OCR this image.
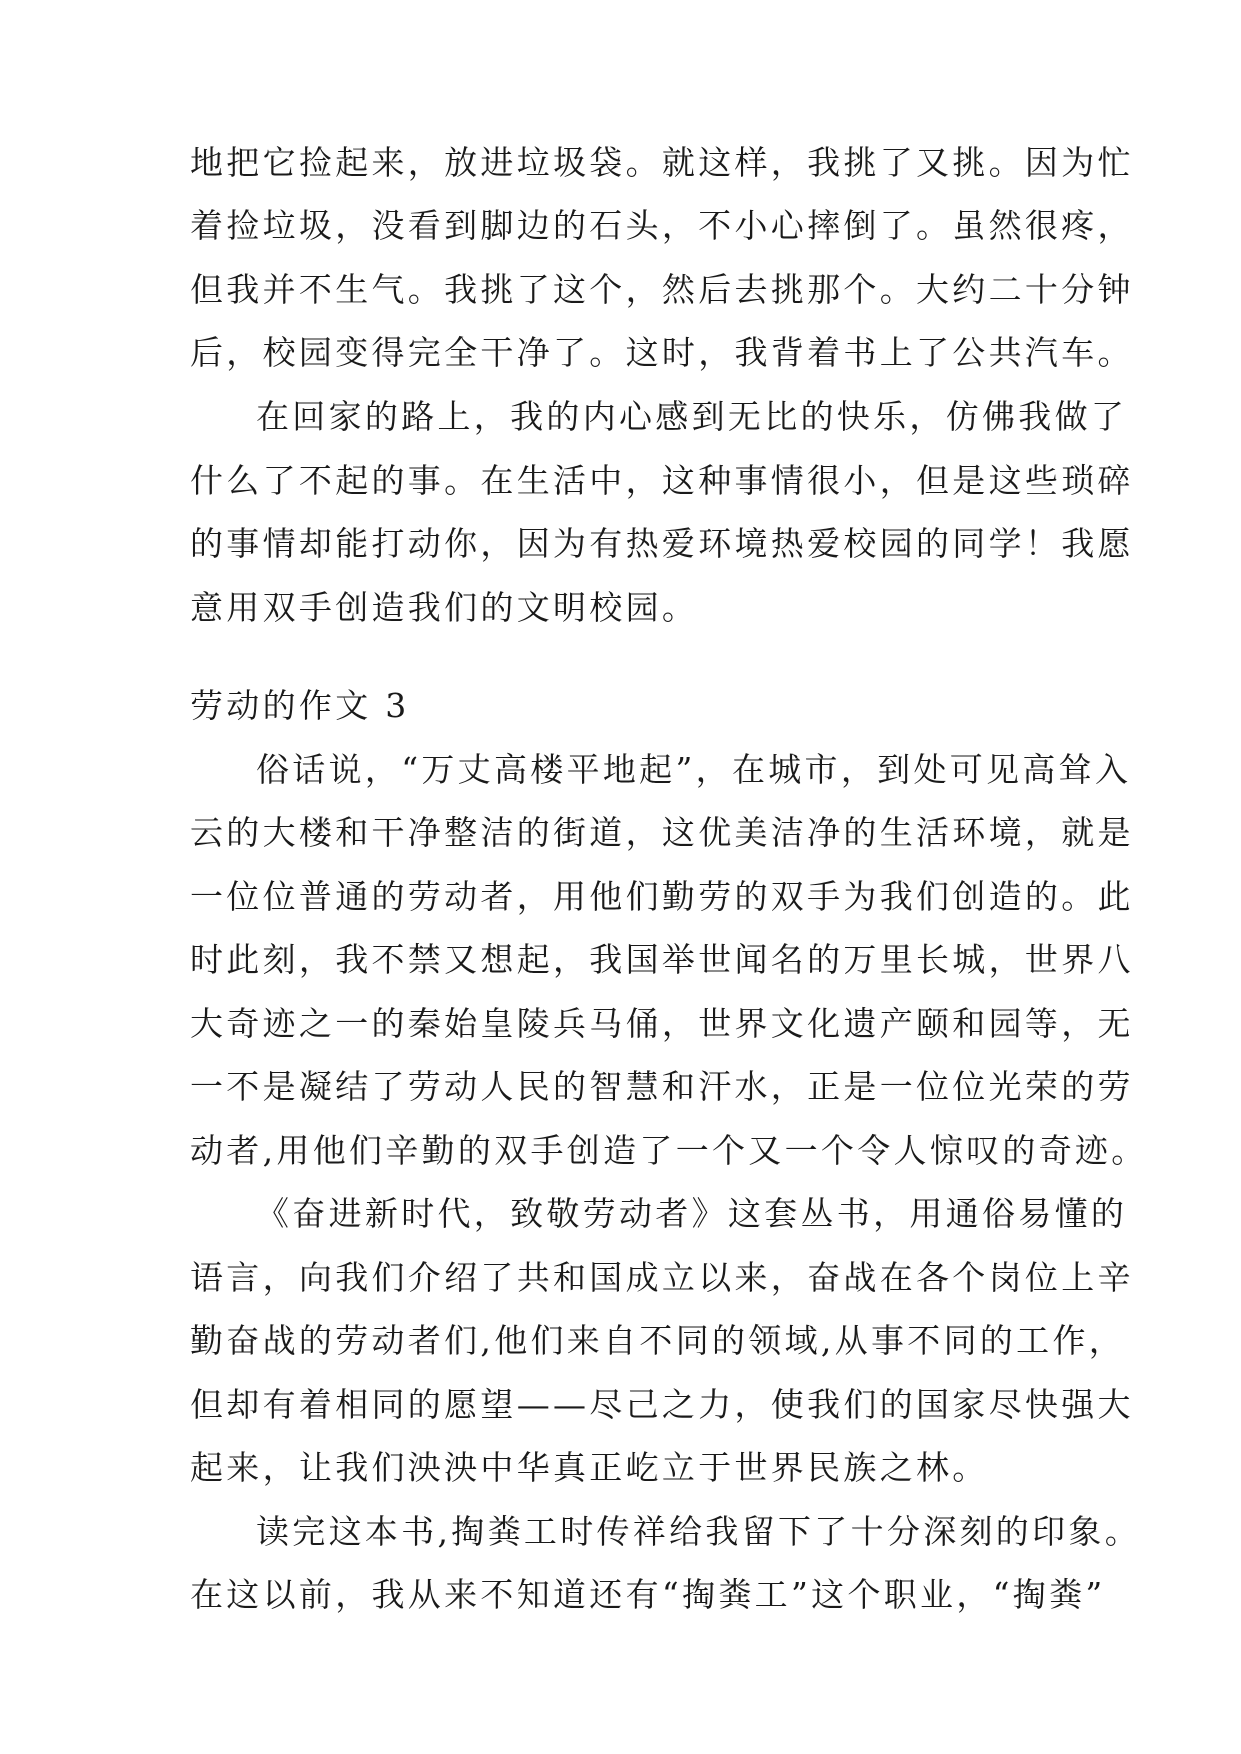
地把它捡起来，放进垃圾袋。就这样，我挑了又挑。因为忙
着捡垃圾，没看到脚边的石头，不小心摔倒了。虽然很疼，
但我并不生气。我挑了这个，然后去挑那个。大约二十分钟
后，校园变得完全干净了。这时，我背着书上了公共汽车。
在回家的路上，我的内心感到无比的快乐，仿佛我做了
什么了不起的事。在生活中，这种事情很小，但是这些琐碎
的事情却能打动你，因为有热爱环境热爱校园的同学！我愿
意用双手创造我们的文明校园。
劳动的作文 3
俗话说，“万丈高楼平地起”，在城市，到处可见高耸入
云的大楼和干净整洁的街道，这优美洁净的生活环境，就是
一位位普通的劳动者，用他们勤劳的双手为我们创造的。此
时此刻，我不禁又想起，我国举世闻名的万里长城，世界八
大奇迹之一的秦始皇陵兵马俑，世界文化遗产颐和园等，无
一不是凝结了劳动人民的智慧和汗水，正是一位位光荣的劳
动者,用他们辛勤的双手创造了一个又一个令人惊叹的奇迹。
《奋进新时代，致敬劳动者》这套丛书，用通俗易懂的
语言，向我们介绍了共和国成立以来，奋战在各个岗位上辛
勤奋战的劳动者们,他们来自不同的领域,从事不同的工作，
但却有着相同的愿望——尽己之力，使我们的国家尽快强大
起来，让我们泱泱中华真正屹立于世界民族之林。
读完这本书,掏粪工时传祥给我留下了十分深刻的印象。
在这以前，我从来不知道还有“掏粪工”这个职业，“掏粪”
